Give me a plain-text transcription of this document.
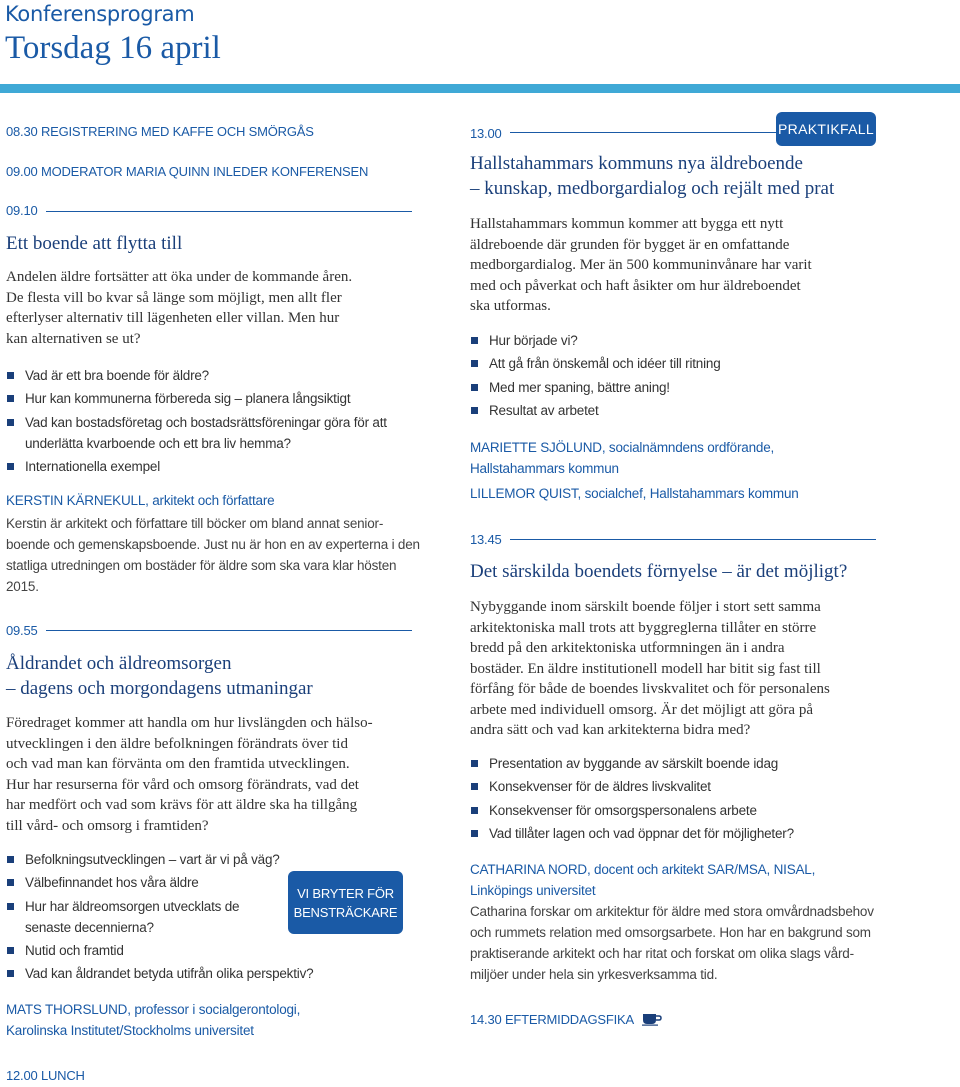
Konferensprogram
Torsdag 16 april
08.30 REGISTRERING MED KAFFE OCH SMÖRGÅS
09.00 MODERATOR MARIA QUINN INLEDER KONFERENSEN
09.10
Ett boende att flytta till
Andelen äldre fortsätter att öka under de kommande åren.
De flesta vill bo kvar så länge som möjligt, men allt fler
efterlyser alternativ till lägenheten eller villan. Men hur
kan alternativen se ut?
Vad är ett bra boende för äldre?
Hur kan kommunerna förbereda sig – planera långsiktigt
Vad kan bostadsföretag och bostadsrättsföreningar göra för att
underlätta kvarboende och ett bra liv hemma?
Internationella exempel
KERSTIN KÄRNEKULL, arkitekt och författare
Kerstin är arkitekt och författare till böcker om bland annat senior-
boende och gemenskapsboende. Just nu är hon en av experterna i den
statliga utredningen om bostäder för äldre som ska vara klar hösten
2015.
09.55
Åldrandet och äldreomsorgen
– dagens och morgondagens utmaningar
Föredraget kommer att handla om hur livslängden och hälso-
utvecklingen i den äldre befolkningen förändrats över tid
och vad man kan förvänta om den framtida utvecklingen.
Hur har resurserna för vård och omsorg förändrats, vad det
har medfört och vad som krävs för att äldre ska ha tillgång
till vård- och omsorg i framtiden?
Befolkningsutvecklingen – vart är vi på väg?
Välbefinnandet hos våra äldre
Hur har äldreomsorgen utvecklats de
senaste decennierna?
Nutid och framtid
Vad kan åldrandet betyda utifrån olika perspektiv?
VI BRYTER FÖR
BENSTRÄCKARE
MATS THORSLUND, professor i socialgerontologi,
Karolinska Institutet/Stockholms universitet
12.00 LUNCH
13.00	PRAKTIKFALL
Hallstahammars kommuns nya äldreboende
– kunskap, medborgardialog och rejält med prat
Hallstahammars kommun kommer att bygga ett nytt
äldreboende där grunden för bygget är en omfattande
medborgardialog. Mer än 500 kommuninvånare har varit
med och påverkat och haft åsikter om hur äldreboendet
ska utformas.
Hur började vi?
Att gå från önskemål och idéer till ritning
Med mer spaning, bättre aning!
Resultat av arbetet
MARIETTE SJÖLUND, socialnämndens ordförande,
Hallstahammars kommun
LILLEMOR QUIST, socialchef, Hallstahammars kommun
13.45
Det särskilda boendets förnyelse – är det möjligt?
Nybyggande inom särskilt boende följer i stort sett samma
arkitektoniska mall trots att byggreglerna tillåter en större
bredd på den arkitektoniska utformningen än i andra
bostäder. En äldre institutionell modell har bitit sig fast till
förfång för både de boendes livskvalitet och för personalens
arbete med individuell omsorg. Är det möjligt att göra på
andra sätt och vad kan arkitekterna bidra med?
Presentation av byggande av särskilt boende idag
Konsekvenser för de äldres livskvalitet
Konsekvenser för omsorgspersonalens arbete
Vad tillåter lagen och vad öppnar det för möjligheter?
CATHARINA NORD, docent och arkitekt SAR/MSA, NISAL,
Linköpings universitet
Catharina forskar om arkitektur för äldre med stora omvårdnadsbehov
och rummets relation med omsorgsarbete. Hon har en bakgrund som
praktiserande arkitekt och har ritat och forskat om olika slags vård-
miljöer under hela sin yrkesverksamma tid.
14.30 EFTERMIDDAGSFIKA
